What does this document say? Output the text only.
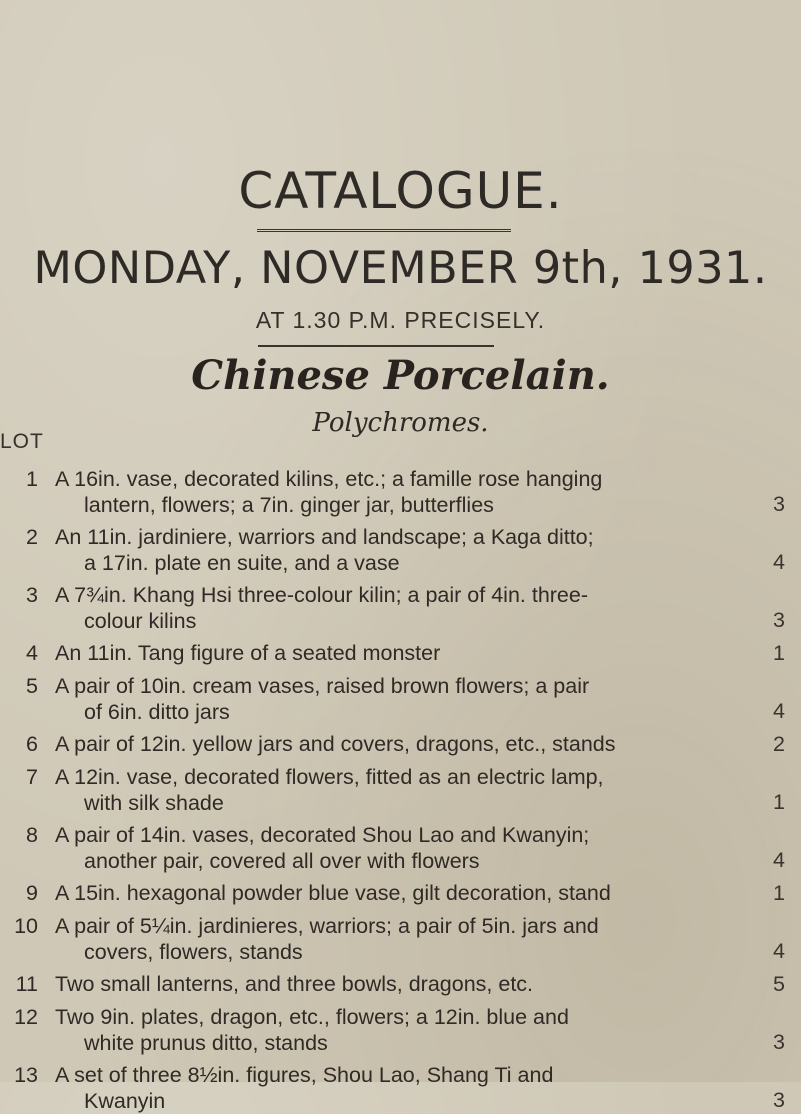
CATALOGUE.
MONDAY, NOVEMBER 9th, 1931.
AT 1.30 P.M. PRECISELY.
Chinese Porcelain.
Polychromes.
LOT
1 A 16in. vase, decorated kilins, etc.; a famille rose hanging
lantern, flowers; a 7in. ginger jar, butterflies	3
2 An 11in. jardiniere, warriors and landscape; a Kaga ditto;
a 17in. plate en suite, and a vase	4
3 A 7¾in. Khang Hsi three-colour kilin; a pair of 4in. three-
colour kilins	3
4 An 11in. Tang figure of a seated monster	1
5 A pair of 10in. cream vases, raised brown flowers; a pair
of 6in. ditto jars	4
6 A pair of 12in. yellow jars and covers, dragons, etc., stands	2
7 A 12in. vase, decorated flowers, fitted as an electric lamp,
with silk shade	1
8 A pair of 14in. vases, decorated Shou Lao and Kwanyin;
another pair, covered all over with flowers	4
9 A 15in. hexagonal powder blue vase, gilt decoration, stand	1
10 A pair of 5¼in. jardinieres, warriors; a pair of 5in. jars and
covers, flowers, stands	4
11 Two small lanterns, and three bowls, dragons, etc.	5
12 Two 9in. plates, dragon, etc., flowers; a 12in. blue and
white prunus ditto, stands	3
13 A set of three 8½in. figures, Shou Lao, Shang Ti and
Kwanyin	3
